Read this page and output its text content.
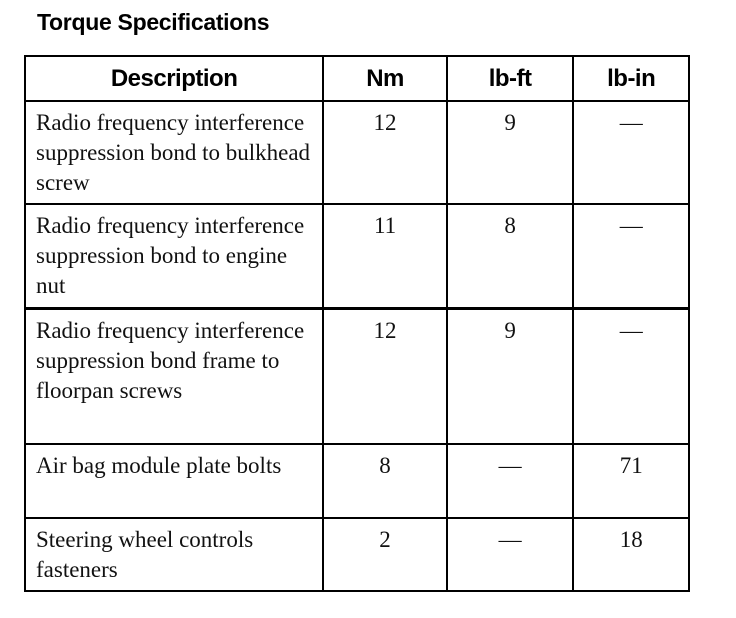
Torque Specifications
Description	Nm	lb-ft	lb-in
Radio frequency interference suppression bond to bulkhead screw	12	9	—
Radio frequency interference suppression bond to engine nut	11	8	—
Radio frequency interference suppression bond frame to floorpan screws	12	9	—
Air bag module plate bolts	8	—	71
Steering wheel controls fasteners	2	—	18
